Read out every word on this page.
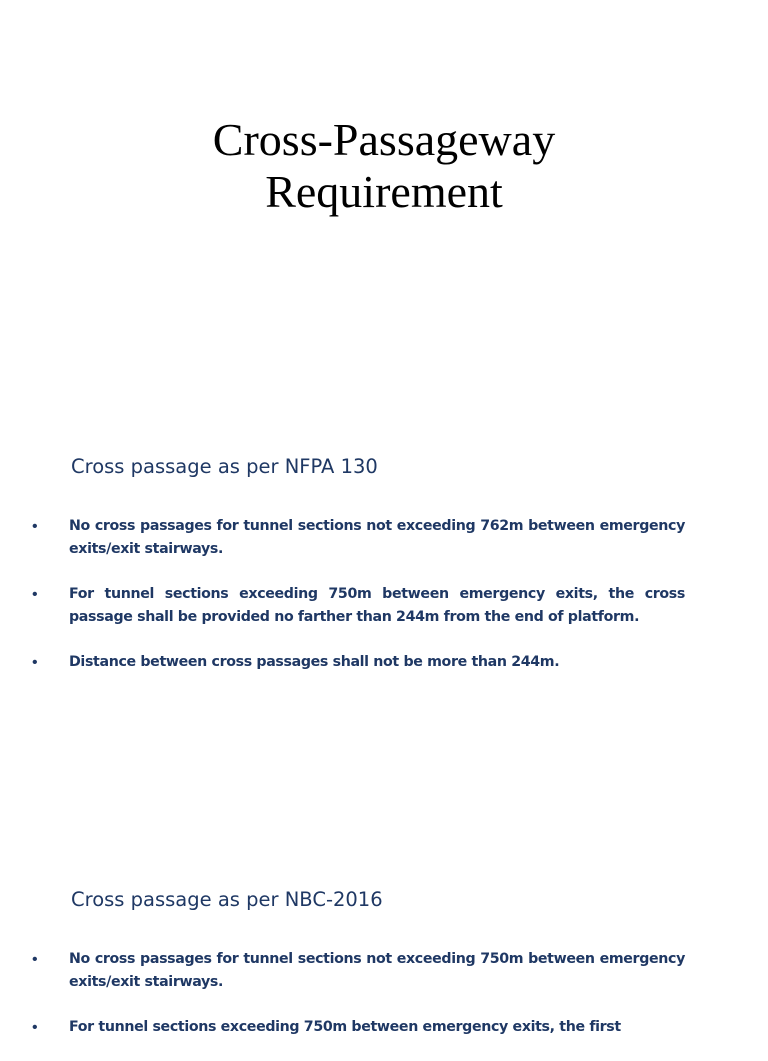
Cross-Passageway
Requirement
Cross passage as per NFPA 130
• No cross passages for tunnel sections not exceeding 762m between emergency exits/exit stairways.
• For tunnel sections exceeding 750m between emergency exits, the cross passage shall be provided no farther than 244m from the end of platform.
• Distance between cross passages shall not be more than 244m.
Cross passage as per NBC-2016
• No cross passages for tunnel sections not exceeding 750m between emergency exits/exit stairways.
• For tunnel sections exceeding 750m between emergency exits, the first
